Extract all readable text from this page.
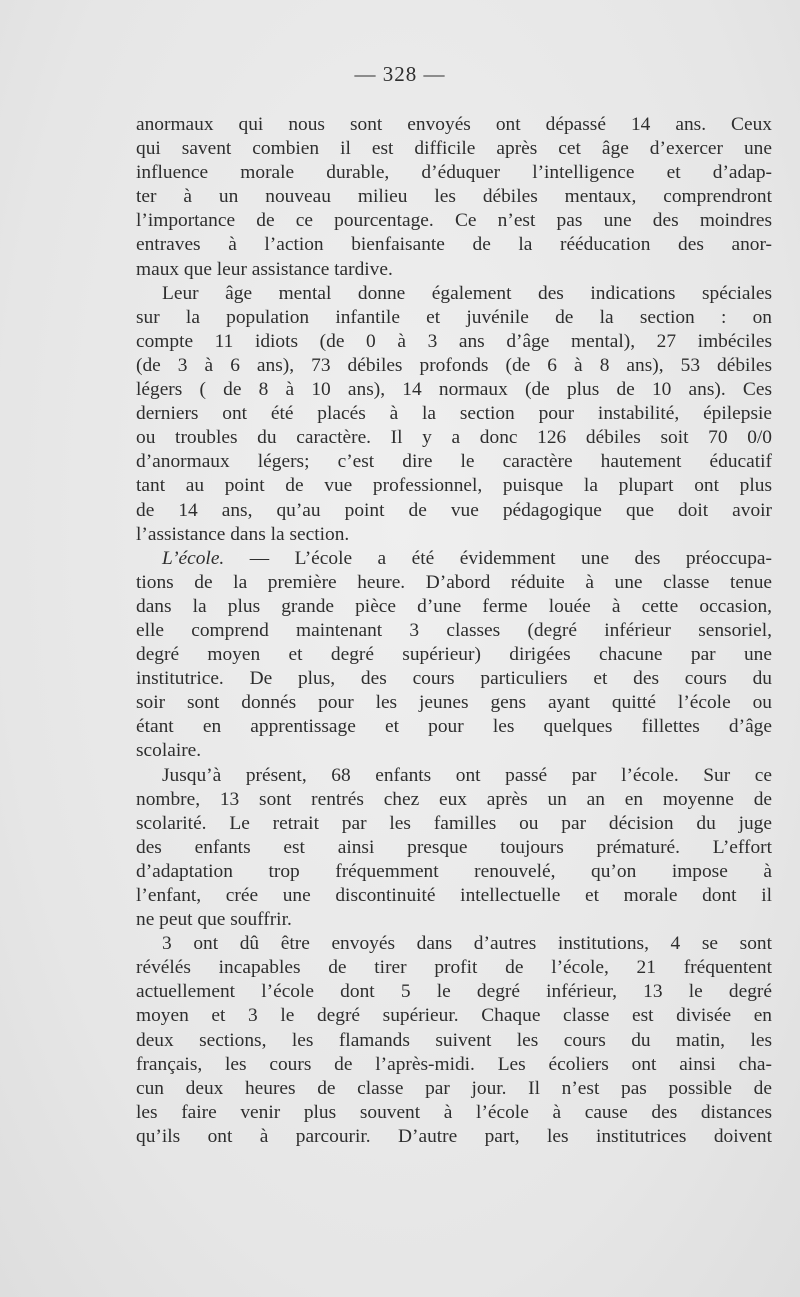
— 328 —
anormaux qui nous sont envoyés ont dépassé 14 ans. Ceux
qui savent combien il est difficile après cet âge d’exercer une
influence morale durable, d’éduquer l’intelligence et d’adap-
ter à un nouveau milieu les débiles mentaux, comprendront
l’importance de ce pourcentage. Ce n’est pas une des moindres
entraves à l’action bienfaisante de la rééducation des anor-
maux que leur assistance tardive.
Leur âge mental donne également des indications spéciales
sur la population infantile et juvénile de la section : on
compte 11 idiots (de 0 à 3 ans d’âge mental), 27 imbéciles
(de 3 à 6 ans), 73 débiles profonds (de 6 à 8 ans), 53 débiles
légers ( de 8 à 10 ans), 14 normaux (de plus de 10 ans). Ces
derniers ont été placés à la section pour instabilité, épilepsie
ou troubles du caractère. Il y a donc 126 débiles soit 70 0/0
d’anormaux légers; c’est dire le caractère hautement éducatif
tant au point de vue professionnel, puisque la plupart ont plus
de 14 ans, qu’au point de vue pédagogique que doit avoir
l’assistance dans la section.
L’école. — L’école a été évidemment une des préoccupa-
tions de la première heure. D’abord réduite à une classe tenue
dans la plus grande pièce d’une ferme louée à cette occasion,
elle comprend maintenant 3 classes (degré inférieur sensoriel,
degré moyen et degré supérieur) dirigées chacune par une
institutrice. De plus, des cours particuliers et des cours du
soir sont donnés pour les jeunes gens ayant quitté l’école ou
étant en apprentissage et pour les quelques fillettes d’âge
scolaire.
Jusqu’à présent, 68 enfants ont passé par l’école. Sur ce
nombre, 13 sont rentrés chez eux après un an en moyenne de
scolarité. Le retrait par les familles ou par décision du juge
des enfants est ainsi presque toujours prématuré. L’effort
d’adaptation trop fréquemment renouvelé, qu’on impose à
l’enfant, crée une discontinuité intellectuelle et morale dont il
ne peut que souffrir.
3 ont dû être envoyés dans d’autres institutions, 4 se sont
révélés incapables de tirer profit de l’école, 21 fréquentent
actuellement l’école dont 5 le degré inférieur, 13 le degré
moyen et 3 le degré supérieur. Chaque classe est divisée en
deux sections, les flamands suivent les cours du matin, les
français, les cours de l’après-midi. Les écoliers ont ainsi cha-
cun deux heures de classe par jour. Il n’est pas possible de
les faire venir plus souvent à l’école à cause des distances
qu’ils ont à parcourir. D’autre part, les institutrices doivent
